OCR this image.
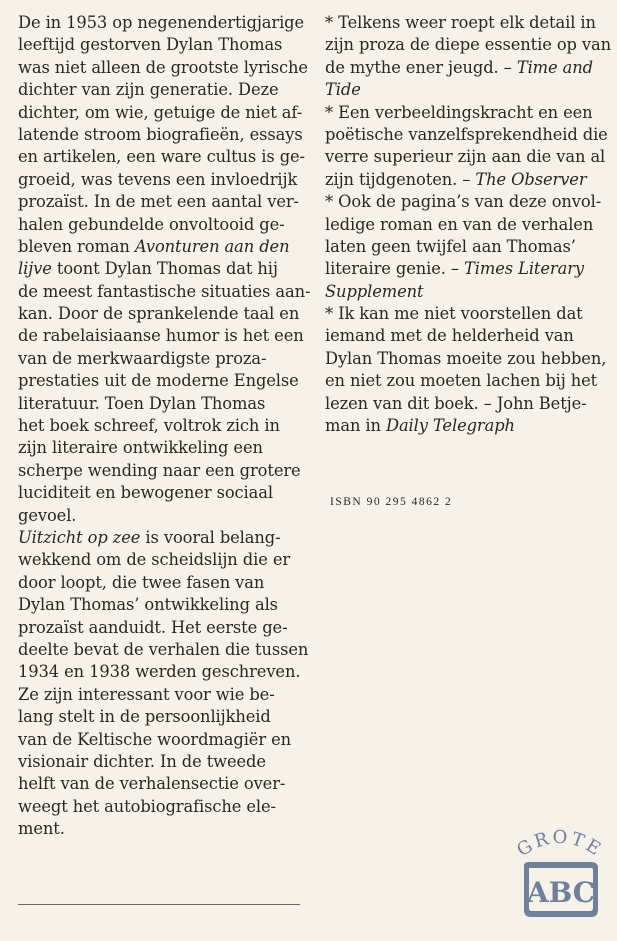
De in 1953 op negenendertigjarige
leeftijd gestorven Dylan Thomas
was niet alleen de grootste lyrische
dichter van zijn generatie. Deze
dichter, om wie, getuige de niet af-
latende stroom biografieën, essays
en artikelen, een ware cultus is ge-
groeid, was tevens een invloedrijk
prozaïst. In de met een aantal ver-
halen gebundelde onvoltooid ge-
bleven roman Avonturen aan den
lijve toont Dylan Thomas dat hij
de meest fantastische situaties aan-
kan. Door de sprankelende taal en
de rabelaisiaanse humor is het een
van de merkwaardigste proza-
prestaties uit de moderne Engelse
literatuur. Toen Dylan Thomas
het boek schreef, voltrok zich in
zijn literaire ontwikkeling een
scherpe wending naar een grotere
luciditeit en bewogener sociaal
gevoel.
Uitzicht op zee is vooral belang-
wekkend om de scheidslijn die er
door loopt, die twee fasen van
Dylan Thomas’ ontwikkeling als
prozaïst aanduidt. Het eerste ge-
deelte bevat de verhalen die tussen
1934 en 1938 werden geschreven.
Ze zijn interessant voor wie be-
lang stelt in de persoonlijkheid
van de Keltische woordmagiër en
visionair dichter. In de tweede
helft van de verhalensectie over-
weegt het autobiografische ele-
ment.
* Telkens weer roept elk detail in
zijn proza de diepe essentie op van
de mythe ener jeugd. – Time and
Tide
* Een verbeeldingskracht en een
poëtische vanzelfsprekendheid die
verre superieur zijn aan die van al
zijn tijdgenoten. – The Observer
* Ook de pagina’s van deze onvol-
ledige roman en van de verhalen
laten geen twijfel aan Thomas’
literaire genie. – Times Literary
Supplement
* Ik kan me niet voorstellen dat
iemand met de helderheid van
Dylan Thomas moeite zou hebben,
en niet zou moeten lachen bij het
lezen van dit boek. – John Betje-
man in Daily Telegraph
ISBN 90 295 4862 2
GROTE
ABC
